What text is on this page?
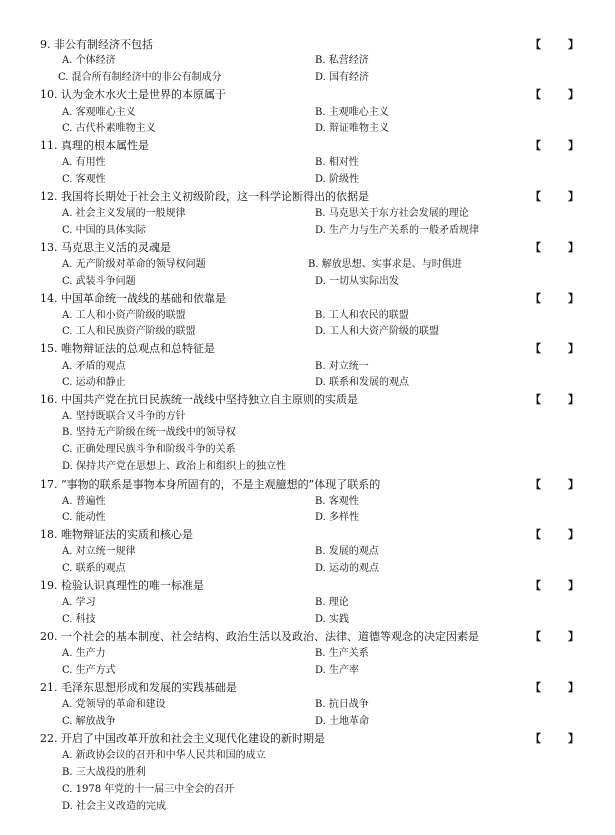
9. 非公有制经济不包括	【 】
A. 个体经济	B. 私营经济
C. 混合所有制经济中的非公有制成分	D. 国有经济
10. 认为金木水火土是世界的本原属于	【 】
A. 客观唯心主义	B. 主观唯心主义
C. 古代朴素唯物主义	D. 辩证唯物主义
11. 真理的根本属性是	【 】
A. 有用性	B. 相对性
C. 客观性	D. 阶级性
12. 我国将长期处于社会主义初级阶段，这一科学论断得出的依据是	【 】
A. 社会主义发展的一般规律	B. 马克思关于东方社会发展的理论
C. 中国的具体实际	D. 生产力与生产关系的一般矛盾规律
13. 马克思主义活的灵魂是	【 】
A. 无产阶级对革命的领导权问题	B. 解放思想、实事求是、与时俱进
C. 武装斗争问题	D. 一切从实际出发
14. 中国革命统一战线的基础和依靠是	【 】
A. 工人和小资产阶级的联盟	B. 工人和农民的联盟
C. 工人和民族资产阶级的联盟	D. 工人和大资产阶级的联盟
15. 唯物辩证法的总观点和总特征是	【 】
A. 矛盾的观点	B. 对立统一
C. 运动和静止	D. 联系和发展的观点
16. 中国共产党在抗日民族统一战线中坚持独立自主原则的实质是	【 】
A. 坚持既联合又斗争的方针
B. 坚持无产阶级在统一战线中的领导权
C. 正确处理民族斗争和阶级斗争的关系
D. 保持共产党在思想上、政治上和组织上的独立性
17. “事物的联系是事物本身所固有的，不是主观臆想的”体现了联系的	【 】
A. 普遍性	B. 客观性
C. 能动性	D. 多样性
18. 唯物辩证法的实质和核心是	【 】
A. 对立统一规律	B. 发展的观点
C. 联系的观点	D. 运动的观点
19. 检验认识真理性的唯一标准是	【 】
A. 学习	B. 理论
C. 科技	D. 实践
20. 一个社会的基本制度、社会结构、政治生活以及政治、法律、道德等观念的决定因素是	【 】
A. 生产力	B. 生产关系
C. 生产方式	D. 生产率
21. 毛泽东思想形成和发展的实践基础是	【 】
A. 党领导的革命和建设	B. 抗日战争
C. 解放战争	D. 土地革命
22. 开启了中国改革开放和社会主义现代化建设的新时期是	【 】
A. 新政协会议的召开和中华人民共和国的成立
B. 三大战役的胜利
C. 1978 年党的十一届三中全会的召开
D. 社会主义改造的完成
